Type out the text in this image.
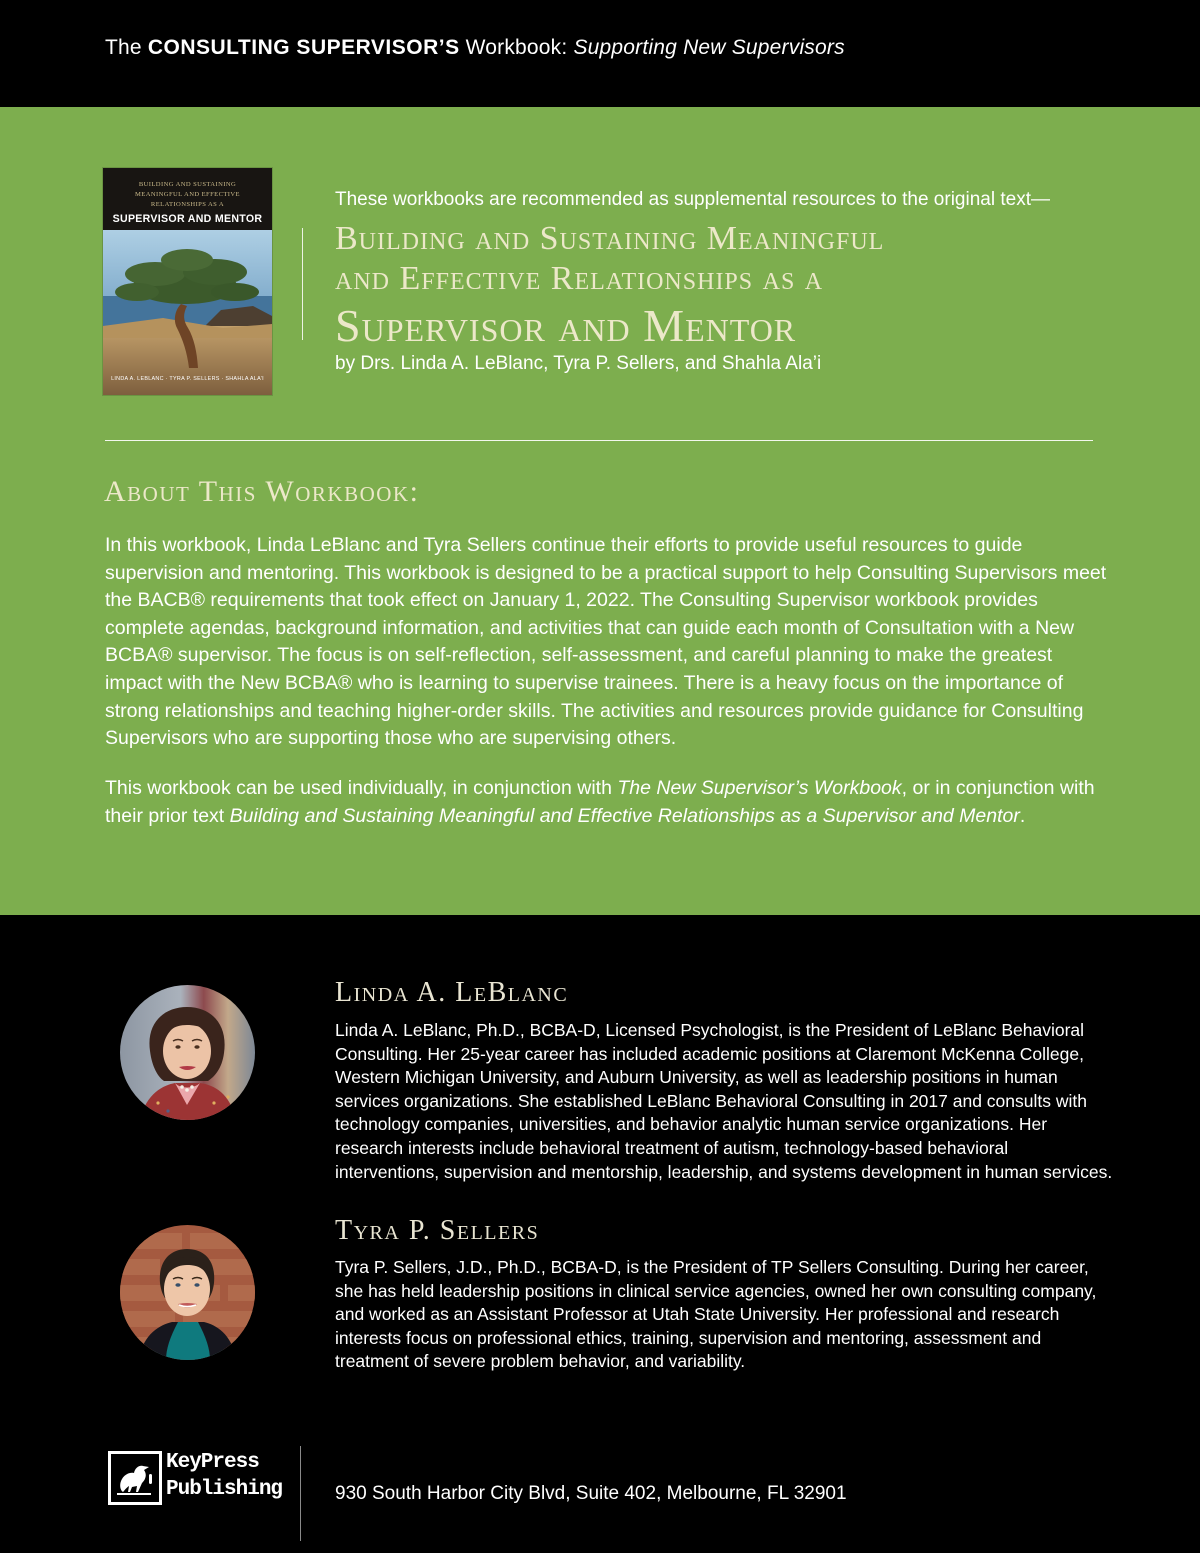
The CONSULTING SUPERVISOR’S Workbook: Supporting New Supervisors
BUILDING AND SUSTAINING
MEANINGFUL AND EFFECTIVE
RELATIONSHIPS AS A
SUPERVISOR AND MENTOR
LINDA A. LEBLANC · TYRA P. SELLERS · SHAHLA ALA’I
These workbooks are recommended as supplemental resources to the original text—
Building and Sustaining Meaningful
and Effective Relationships as a
Supervisor and Mentor
by Drs. Linda A. LeBlanc, Tyra P. Sellers, and Shahla Ala’i
About This Workbook:
In this workbook, Linda LeBlanc and Tyra Sellers continue their efforts to provide useful resources to guide supervision and mentoring. This workbook is designed to be a practical support to help Consulting Supervisors meet the BACB® requirements that took effect on January 1, 2022. The Consulting Supervisor workbook provides complete agendas, background information, and activities that can guide each month of Consultation with a New BCBA® supervisor. The focus is on self-reflection, self-assessment, and careful planning to make the greatest impact with the New BCBA® who is learning to supervise trainees. There is a heavy focus on the importance of strong relationships and teaching higher-order skills. The activities and resources provide guidance for Consulting Supervisors who are supporting those who are supervising others.
This workbook can be used individually, in conjunction with The New Supervisor’s Workbook, or in conjunction with their prior text Building and Sustaining Meaningful and Effective Relationships as a Supervisor and Mentor.
Linda A. LeBlanc
Linda A. LeBlanc, Ph.D., BCBA-D, Licensed Psychologist, is the President of LeBlanc Behavioral Consulting. Her 25-year career has included academic positions at Claremont McKenna College, Western Michigan University, and Auburn University, as well as leadership positions in human services organizations. She established LeBlanc Behavioral Consulting in 2017 and consults with technology companies, universities, and behavior analytic human service organizations. Her research interests include behavioral treatment of autism, technology-based behavioral interventions, supervision and mentorship, leadership, and systems development in human services.
Tyra P. Sellers
Tyra P. Sellers, J.D., Ph.D., BCBA-D, is the President of TP Sellers Consulting. During her career, she has held leadership positions in clinical service agencies, owned her own consulting company, and worked as an Assistant Professor at Utah State University. Her professional and research interests focus on professional ethics, training, supervision and mentoring, assessment and treatment of severe problem behavior, and variability.
KeyPress
Publishing	930 South Harbor City Blvd, Suite 402, Melbourne, FL 32901
